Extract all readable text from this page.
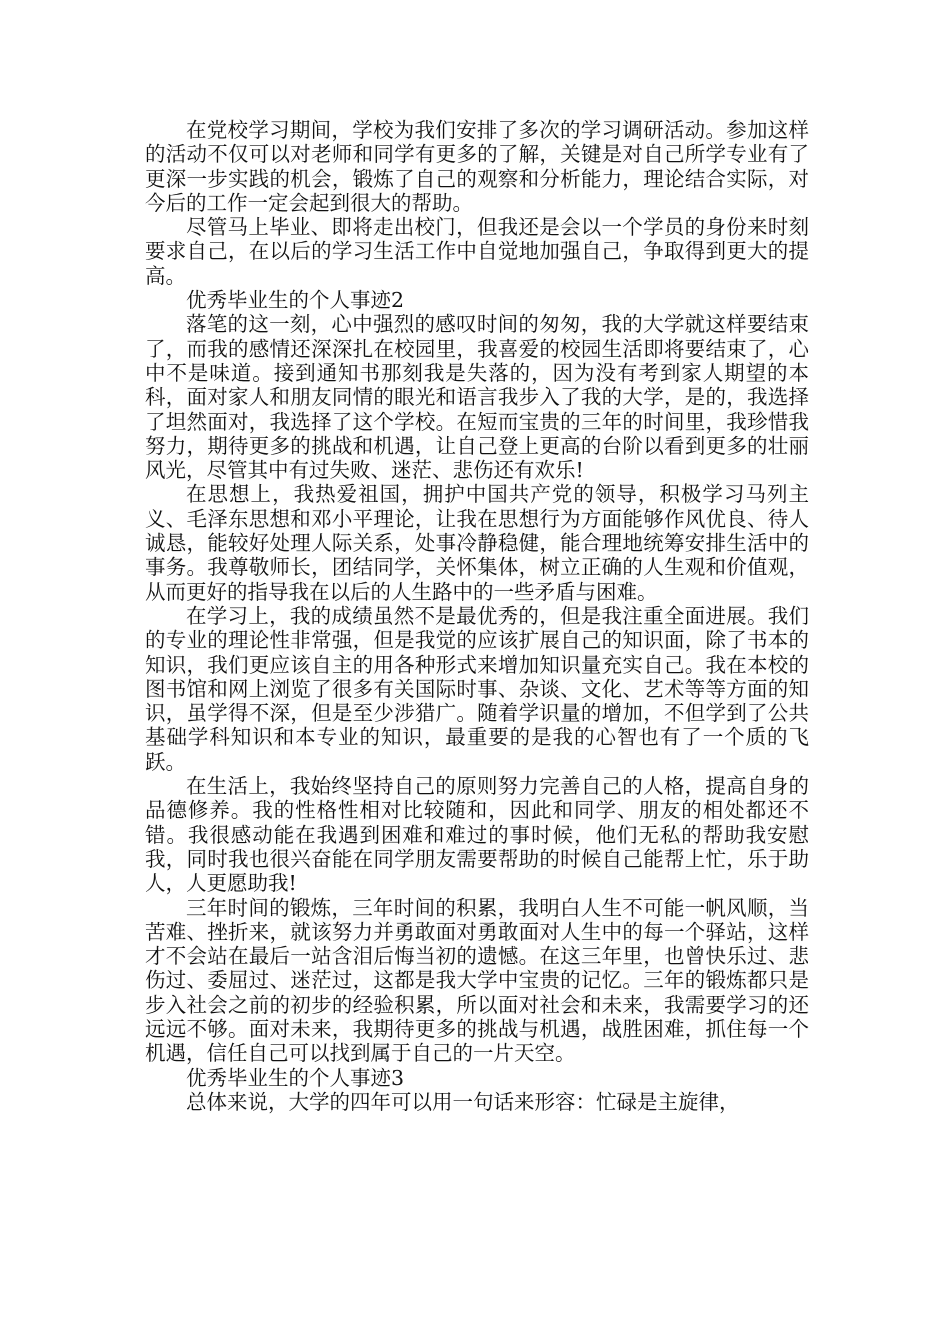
在党校学习期间，学校为我们安排了多次的学习调研活动。参加这样的活动不仅可以对老师和同学有更多的了解，关键是对自己所学专业有了更深一步实践的机会，锻炼了自己的观察和分析能力，理论结合实际，对今后的工作一定会起到很大的帮助。

尽管马上毕业、即将走出校门，但我还是会以一个学员的身份来时刻要求自己，在以后的学习生活工作中自觉地加强自己，争取得到更大的提高。

优秀毕业生的个人事迹2

落笔的这一刻，心中强烈的感叹时间的匆匆，我的大学就这样要结束了，而我的感情还深深扎在校园里，我喜爱的校园生活即将要结束了，心中不是味道。接到通知书那刻我是失落的，因为没有考到家人期望的本科，面对家人和朋友同情的眼光和语言我步入了我的大学，是的，我选择了坦然面对，我选择了这个学校。在短而宝贵的三年的时间里，我珍惜我努力，期待更多的挑战和机遇，让自己登上更高的台阶以看到更多的壮丽风光，尽管其中有过失败、迷茫、悲伤还有欢乐!

在思想上，我热爱祖国，拥护中国共产党的领导，积极学习马列主义、毛泽东思想和邓小平理论，让我在思想行为方面能够作风优良、待人诚恳，能较好处理人际关系，处事冷静稳健，能合理地统筹安排生活中的事务。我尊敬师长，团结同学，关怀集体，树立正确的人生观和价值观，从而更好的指导我在以后的人生路中的一些矛盾与困难。

在学习上，我的成绩虽然不是最优秀的，但是我注重全面进展。我们的专业的理论性非常强，但是我觉的应该扩展自己的知识面，除了书本的知识，我们更应该自主的用各种形式来增加知识量充实自己。我在本校的图书馆和网上浏览了很多有关国际时事、杂谈、文化、艺术等等方面的知识，虽学得不深，但是至少涉猎广。随着学识量的增加，不但学到了公共基础学科知识和本专业的知识，最重要的是我的心智也有了一个质的飞跃。

在生活上，我始终坚持自己的原则努力完善自己的人格，提高自身的品德修养。我的性格性相对比较随和，因此和同学、朋友的相处都还不错。我很感动能在我遇到困难和难过的事时候，他们无私的帮助我安慰我，同时我也很兴奋能在同学朋友需要帮助的时候自己能帮上忙，乐于助人，人更愿助我!

三年时间的锻炼，三年时间的积累，我明白人生不可能一帆风顺，当苦难、挫折来，就该努力并勇敢面对勇敢面对人生中的每一个驿站，这样才不会站在最后一站含泪后悔当初的遗憾。在这三年里，也曾快乐过、悲伤过、委屈过、迷茫过，这都是我大学中宝贵的记忆。三年的锻炼都只是步入社会之前的初步的经验积累，所以面对社会和未来，我需要学习的还远远不够。面对未来，我期待更多的挑战与机遇，战胜困难，抓住每一个机遇，信任自己可以找到属于自己的一片天空。

优秀毕业生的个人事迹3

总体来说，大学的四年可以用一句话来形容：忙碌是主旋律，
